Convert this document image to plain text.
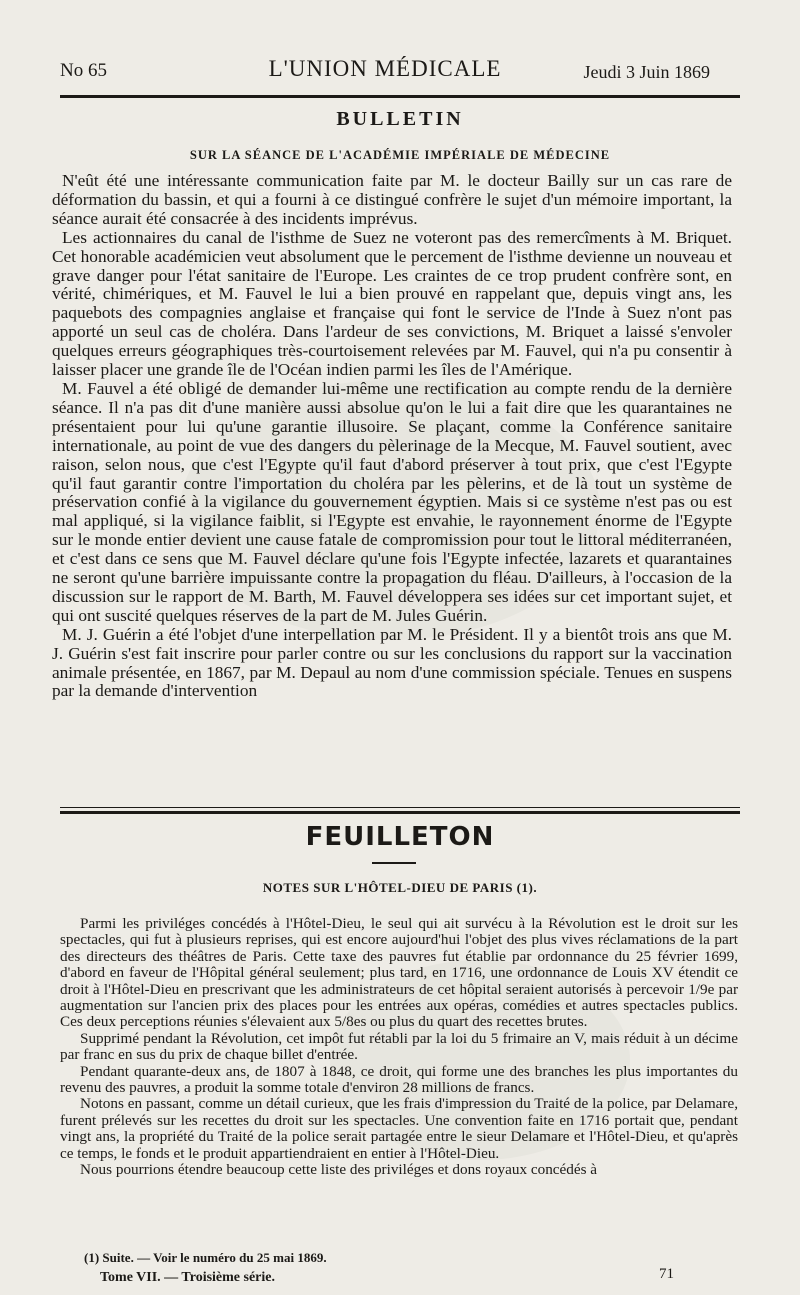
No 65	L'UNION MÉDICALE	Jeudi 3 Juin 1869
BULLETIN
SUR LA SÉANCE DE L'ACADÉMIE IMPÉRIALE DE MÉDECINE

N'eût été une intéressante communication faite par M. le docteur Bailly sur un cas rare de déformation du bassin, et qui a fourni à ce distingué confrère le sujet d'un mémoire important, la séance aurait été consacrée à des incidents imprévus.

Les actionnaires du canal de l'isthme de Suez ne voteront pas des remercîments à M. Briquet. Cet honorable académicien veut absolument que le percement de l'isthme devienne un nouveau et grave danger pour l'état sanitaire de l'Europe. Les craintes de ce trop prudent confrère sont, en vérité, chimériques, et M. Fauvel le lui a bien prouvé en rappelant que, depuis vingt ans, les paquebots des compagnies anglaise et française qui font le service de l'Inde à Suez n'ont pas apporté un seul cas de choléra. Dans l'ardeur de ses convictions, M. Briquet a laissé s'envoler quelques erreurs géographiques très-courtoisement relevées par M. Fauvel, qui n'a pu consentir à laisser placer une grande île de l'Océan indien parmi les îles de l'Amérique.

M. Fauvel a été obligé de demander lui-même une rectification au compte rendu de la dernière séance. Il n'a pas dit d'une manière aussi absolue qu'on le lui a fait dire que les quarantaines ne présentaient pour lui qu'une garantie illusoire. Se plaçant, comme la Conférence sanitaire internationale, au point de vue des dangers du pèlerinage de la Mecque, M. Fauvel soutient, avec raison, selon nous, que c'est l'Egypte qu'il faut d'abord préserver à tout prix, que c'est l'Egypte qu'il faut garantir contre l'importation du choléra par les pèlerins, et de là tout un système de préservation confié à la vigilance du gouvernement égyptien. Mais si ce système n'est pas ou est mal appliqué, si la vigilance faiblit, si l'Egypte est envahie, le rayonnement énorme de l'Egypte sur le monde entier devient une cause fatale de compromission pour tout le littoral méditerranéen, et c'est dans ce sens que M. Fauvel déclare qu'une fois l'Egypte infectée, lazarets et quarantaines ne seront qu'une barrière impuissante contre la propagation du fléau. D'ailleurs, à l'occasion de la discussion sur le rapport de M. Barth, M. Fauvel développera ses idées sur cet important sujet, et qui ont suscité quelques réserves de la part de M. Jules Guérin.

M. J. Guérin a été l'objet d'une interpellation par M. le Président. Il y a bientôt trois ans que M. J. Guérin s'est fait inscrire pour parler contre ou sur les conclusions du rapport sur la vaccination animale présentée, en 1867, par M. Depaul au nom d'une commission spéciale. Tenues en suspens par la demande d'intervention

FEUILLETON
NOTES SUR L'HÔTEL-DIEU DE PARIS (1).

Parmi les priviléges concédés à l'Hôtel-Dieu, le seul qui ait survécu à la Révolution est le droit sur les spectacles, qui fut à plusieurs reprises, qui est encore aujourd'hui l'objet des plus vives réclamations de la part des directeurs des théâtres de Paris. Cette taxe des pauvres fut établie par ordonnance du 25 février 1699, d'abord en faveur de l'Hôpital général seulement; plus tard, en 1716, une ordonnance de Louis XV étendit ce droit à l'Hôtel-Dieu en prescrivant que les administrateurs de cet hôpital seraient autorisés à percevoir 1/9e par augmentation sur l'ancien prix des places pour les entrées aux opéras, comédies et autres spectacles publics. Ces deux perceptions réunies s'élevaient aux 5/8es ou plus du quart des recettes brutes.

Supprimé pendant la Révolution, cet impôt fut rétabli par la loi du 5 frimaire an V, mais réduit à un décime par franc en sus du prix de chaque billet d'entrée.

Pendant quarante-deux ans, de 1807 à 1848, ce droit, qui forme une des branches les plus importantes du revenu des pauvres, a produit la somme totale d'environ 28 millions de francs.

Notons en passant, comme un détail curieux, que les frais d'impression du Traité de la police, par Delamare, furent prélevés sur les recettes du droit sur les spectacles. Une convention faite en 1716 portait que, pendant vingt ans, la propriété du Traité de la police serait partagée entre le sieur Delamare et l'Hôtel-Dieu, et qu'après ce temps, le fonds et le produit appartiendraient en entier à l'Hôtel-Dieu.

Nous pourrions étendre beaucoup cette liste des priviléges et dons royaux concédés à

(1) Suite. — Voir le numéro du 25 mai 1869.
Tome VII. — Troisième série.	71
